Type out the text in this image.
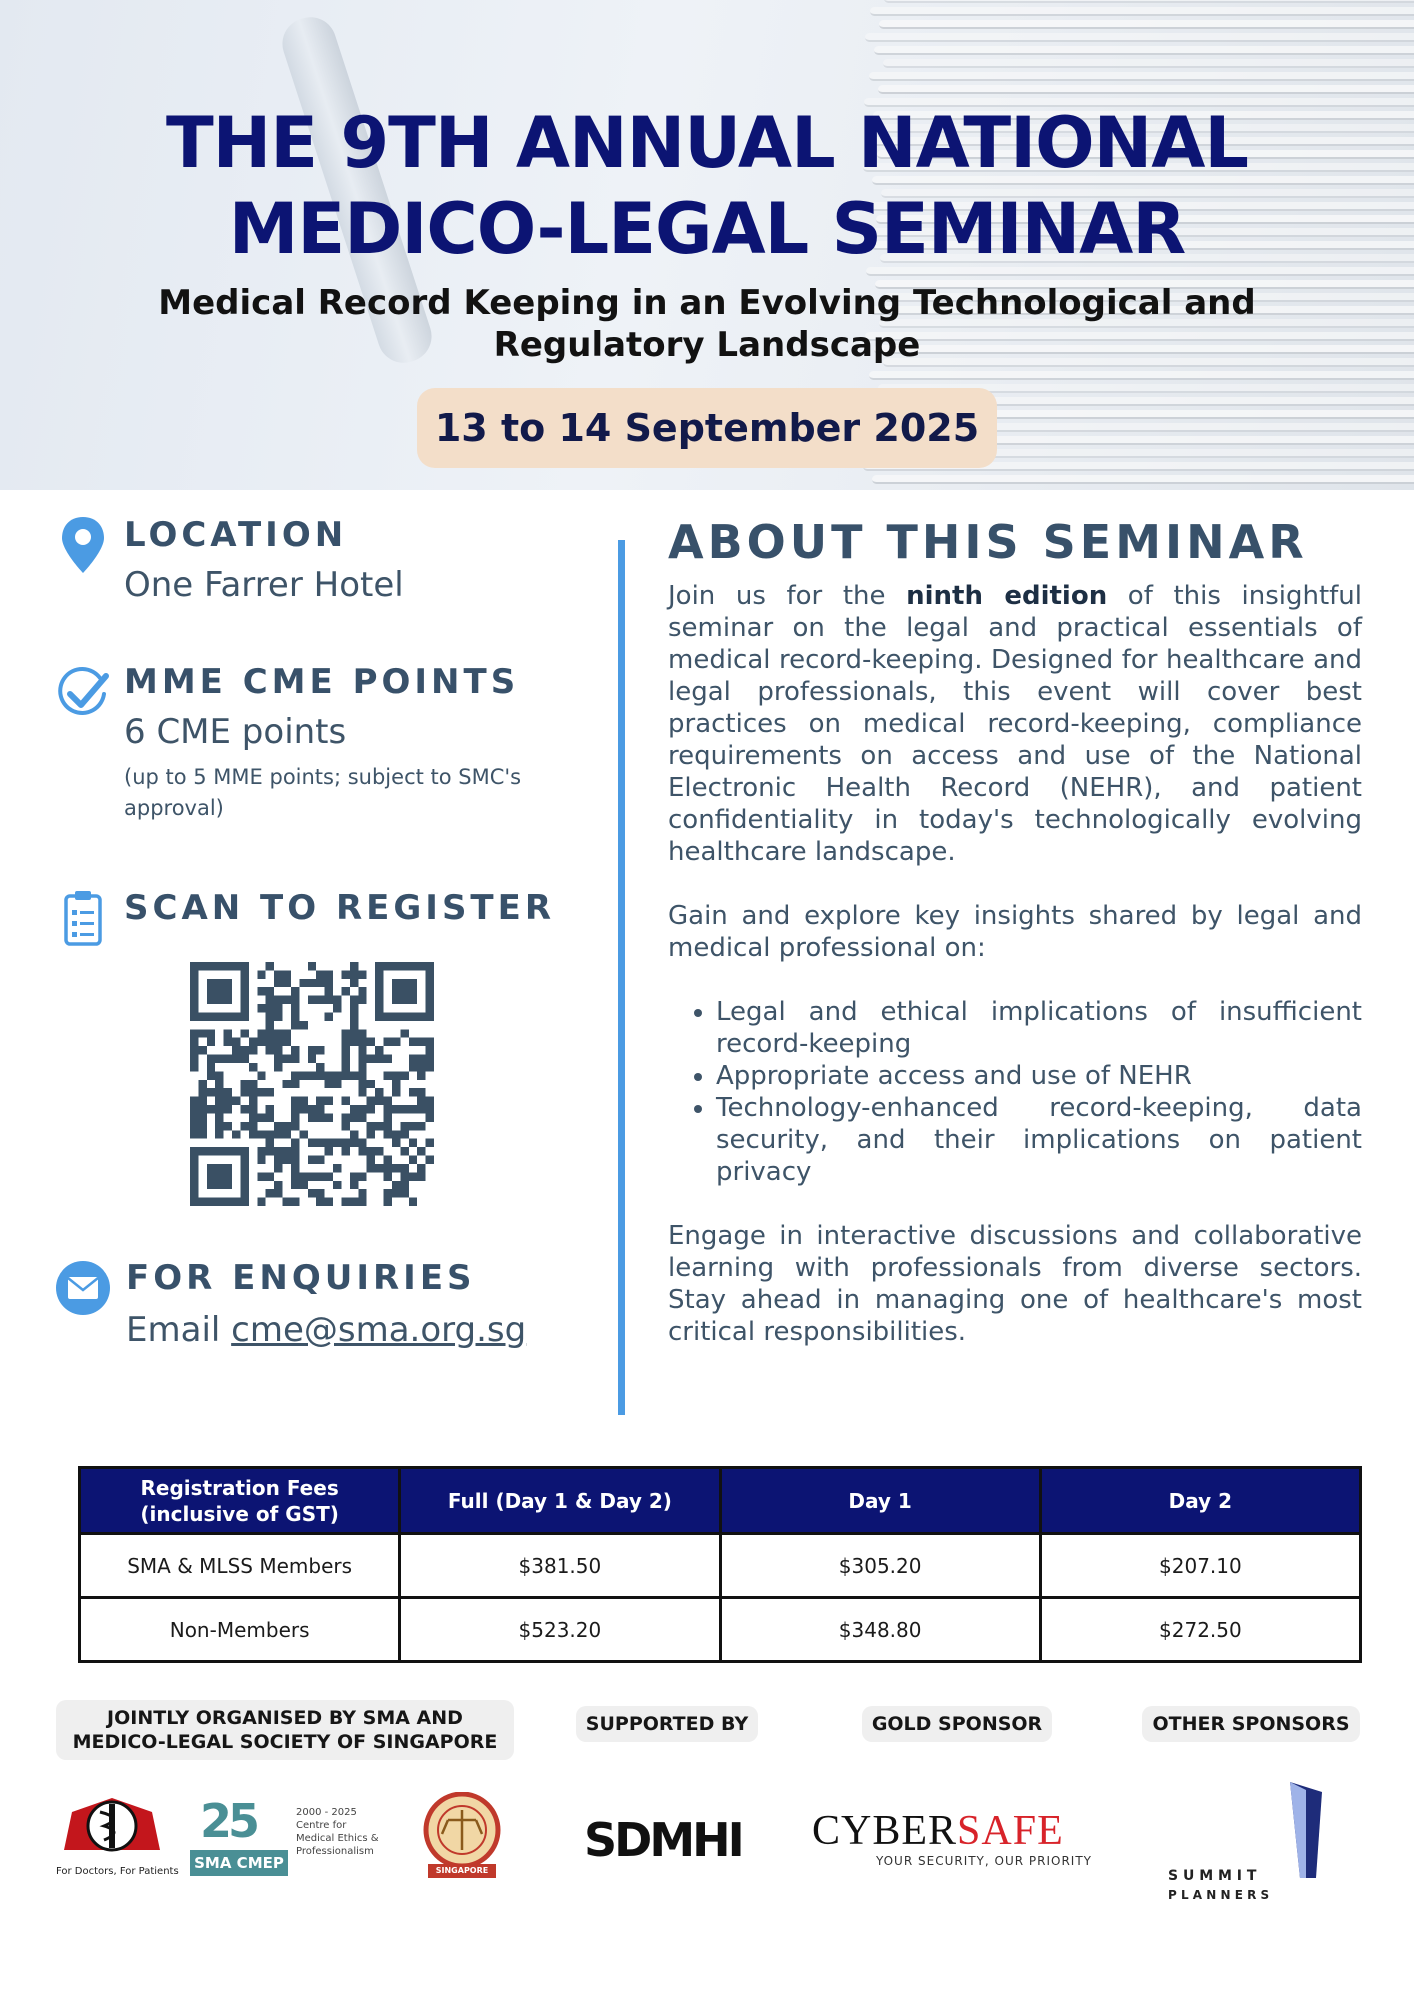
THE 9TH ANNUAL NATIONAL
MEDICO-LEGAL SEMINAR
Medical Record Keeping in an Evolving Technological and
Regulatory Landscape
13 to 14 September 2025
LOCATION
One Farrer Hotel
MME CME POINTS
6 CME points
(up to 5 MME points; subject to SMC's approval)
SCAN TO REGISTER
FOR ENQUIRIES
Email cme@sma.org.sg
ABOUT THIS SEMINAR

Join us for the ninth edition of this insightful seminar on the legal and practical essentials of medical record-keeping. Designed for healthcare and legal professionals, this event will cover best practices on medical record-keeping, compliance requirements on access and use of the National Electronic Health Record (NEHR), and patient confidentiality in today's technologically evolving healthcare landscape.

Gain and explore key insights shared by legal and medical professional on:

• Legal and ethical implications of insufficient record-keeping
• Appropriate access and use of NEHR
• Technology-enhanced record-keeping, data security, and their implications on patient privacy

Engage in interactive discussions and collaborative learning with professionals from diverse sectors. Stay ahead in managing one of healthcare's most critical responsibilities.

Registration Fees
(inclusive of GST)	Full (Day 1 & Day 2)	Day 1	Day 2
SMA & MLSS Members	$381.50	$305.20	$207.10
Non-Members	$523.20	$348.80	$272.50
JOINTLY ORGANISED BY SMA AND
MEDICO-LEGAL SOCIETY OF SINGAPORE
SUPPORTED BY	GOLD SPONSOR	OTHER SPONSORS
For Doctors, For Patients
25
SMA CMEP
2000 - 2025
Centre for
Medical Ethics &
Professionalism
SINGAPORE
SDMHI	CYBERSAFE
YOUR SECURITY, OUR PRIORITY
S U M M I T
P L A N N E R S
